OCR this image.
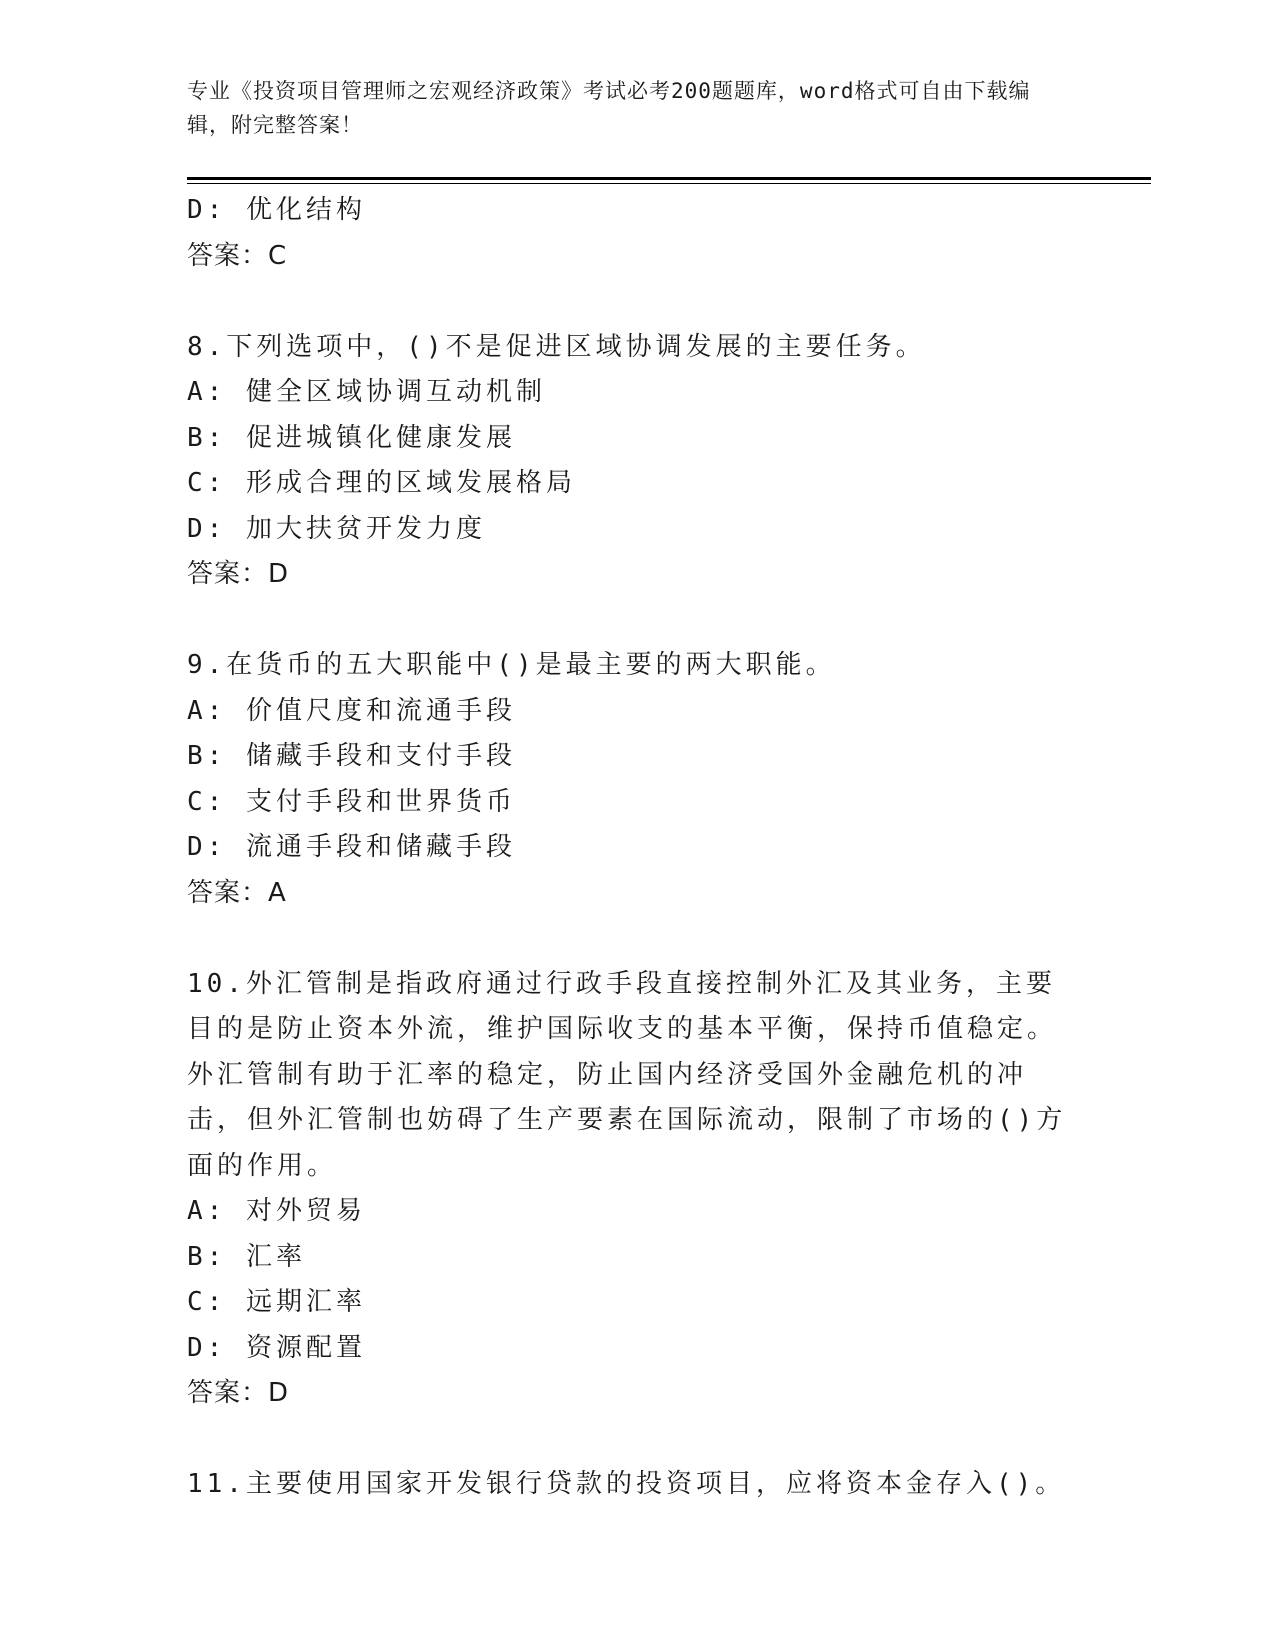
专业《投资项目管理师之宏观经济政策》考试必考200题题库，word格式可自由下载编辑，附完整答案！
D: 优化结构
答案：C
8.下列选项中，()不是促进区域协调发展的主要任务。
A: 健全区域协调互动机制
B: 促进城镇化健康发展
C: 形成合理的区域发展格局
D: 加大扶贫开发力度
答案：D
9.在货币的五大职能中()是最主要的两大职能。
A: 价值尺度和流通手段
B: 储藏手段和支付手段
C: 支付手段和世界货币
D: 流通手段和储藏手段
答案：A
10.外汇管制是指政府通过行政手段直接控制外汇及其业务，主要目的是防止资本外流，维护国际收支的基本平衡，保持币值稳定。外汇管制有助于汇率的稳定，防止国内经济受国外金融危机的冲击，但外汇管制也妨碍了生产要素在国际流动，限制了市场的()方面的作用。
A: 对外贸易
B: 汇率
C: 远期汇率
D: 资源配置
答案：D
11.主要使用国家开发银行贷款的投资项目，应将资本金存入()。
